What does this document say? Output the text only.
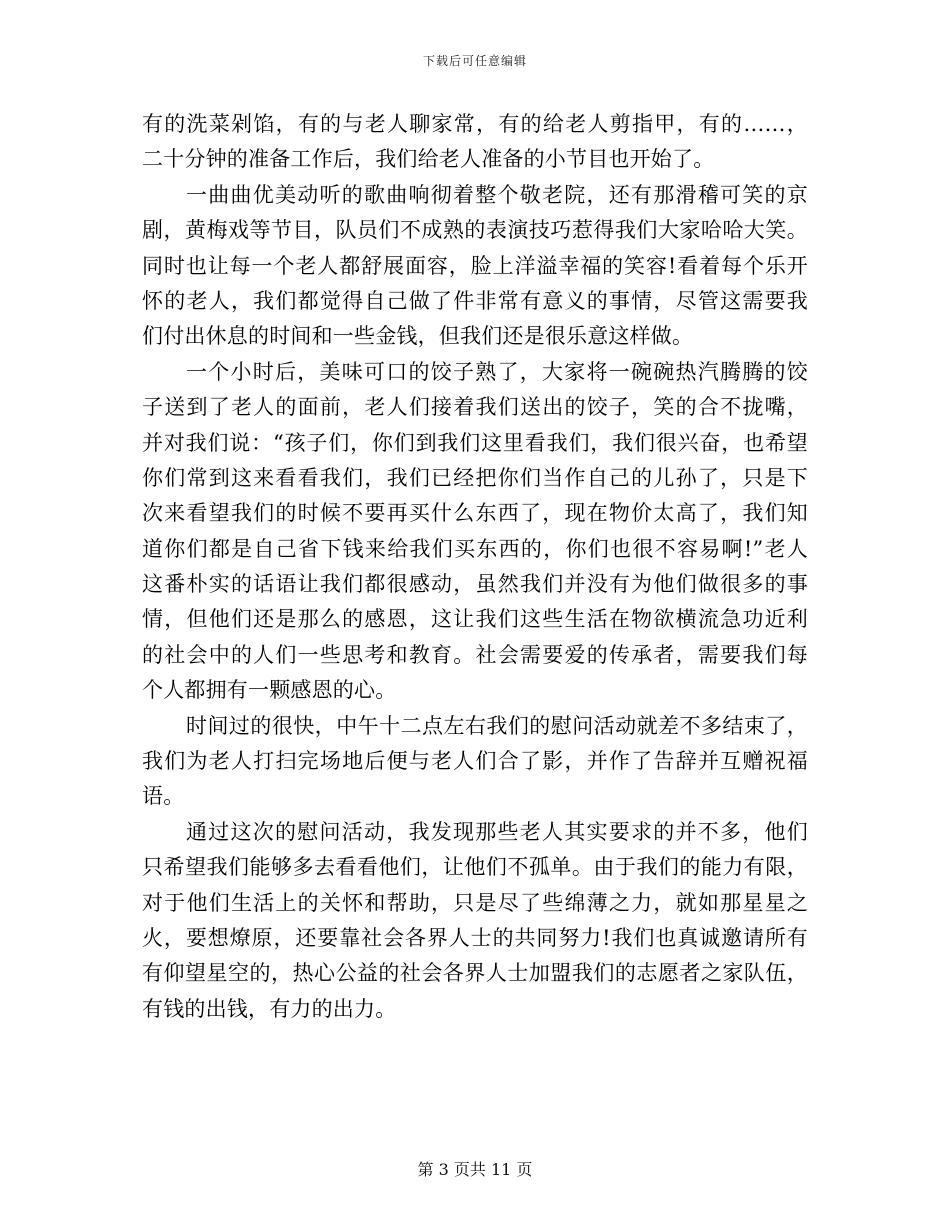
下载后可任意编辑
有的洗菜剁馅，有的与老人聊家常，有的给老人剪指甲，有的……，
二十分钟的准备工作后，我们给老人准备的小节目也开始了。
一曲曲优美动听的歌曲响彻着整个敬老院，还有那滑稽可笑的京
剧，黄梅戏等节目，队员们不成熟的表演技巧惹得我们大家哈哈大笑。
同时也让每一个老人都舒展面容，脸上洋溢幸福的笑容!看着每个乐开
怀的老人，我们都觉得自己做了件非常有意义的事情，尽管这需要我
们付出休息的时间和一些金钱，但我们还是很乐意这样做。
一个小时后，美味可口的饺子熟了，大家将一碗碗热汽腾腾的饺
子送到了老人的面前，老人们接着我们送出的饺子，笑的合不拢嘴，
并对我们说：“孩子们，你们到我们这里看我们，我们很兴奋，也希望
你们常到这来看看我们，我们已经把你们当作自己的儿孙了，只是下
次来看望我们的时候不要再买什么东西了，现在物价太高了，我们知
道你们都是自己省下钱来给我们买东西的，你们也很不容易啊!”老人
这番朴实的话语让我们都很感动，虽然我们并没有为他们做很多的事
情，但他们还是那么的感恩，这让我们这些生活在物欲横流急功近利
的社会中的人们一些思考和教育。社会需要爱的传承者，需要我们每
个人都拥有一颗感恩的心。
时间过的很快，中午十二点左右我们的慰问活动就差不多结束了，
我们为老人打扫完场地后便与老人们合了影，并作了告辞并互赠祝福
语。
通过这次的慰问活动，我发现那些老人其实要求的并不多，他们
只希望我们能够多去看看他们，让他们不孤单。由于我们的能力有限，
对于他们生活上的关怀和帮助，只是尽了些绵薄之力，就如那星星之
火，要想燎原，还要靠社会各界人士的共同努力!我们也真诚邀请所有
有仰望星空的，热心公益的社会各界人士加盟我们的志愿者之家队伍，
有钱的出钱，有力的出力。
第 3 页共 11 页
